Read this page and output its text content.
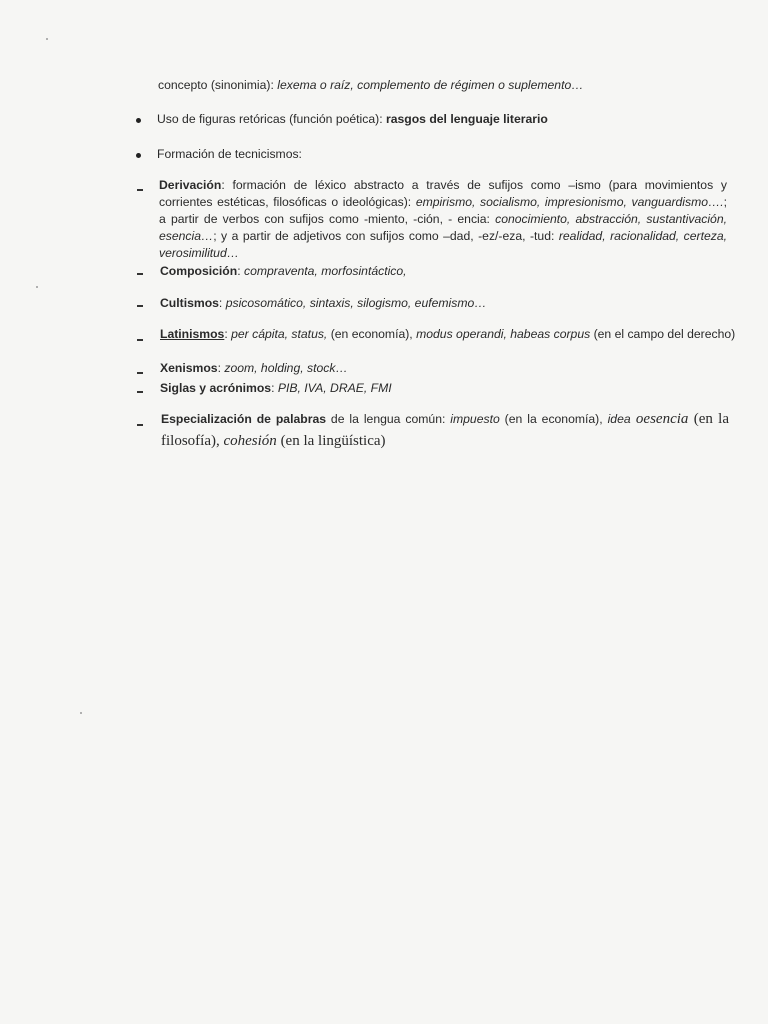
concepto (sinonimia): lexema o raíz, complemento de régimen o suplemento…
Uso de figuras retóricas (función poética): rasgos del lenguaje literario
Formación de tecnicismos:
Derivación: formación de léxico abstracto a través de sufijos como –ismo (para movimientos y corrientes estéticas, filosóficas o ideológicas): empirismo, socialismo, impresionismo, vanguardismo….; a partir de verbos con sufijos como -miento, -ción, - encia: conocimiento, abstracción, sustantivación, esencia…; y a partir de adjetivos con sufijos como –dad, -ez/-eza, -tud: realidad, racionalidad, certeza, verosimilitud…
Composición: compraventa, morfosintáctico,
Cultismos: psicosomático, sintaxis, silogismo, eufemismo…
Latinismos: per cápita, status, (en economía), modus operandi, habeas corpus (en el campo del derecho)
Xenismos: zoom, holding, stock…
Siglas y acrónimos: PIB, IVA, DRAE, FMI
Especialización de palabras de la lengua común: impuesto (en la economía), idea oesencia (en la filosofía), cohesión (en la lingüística)
